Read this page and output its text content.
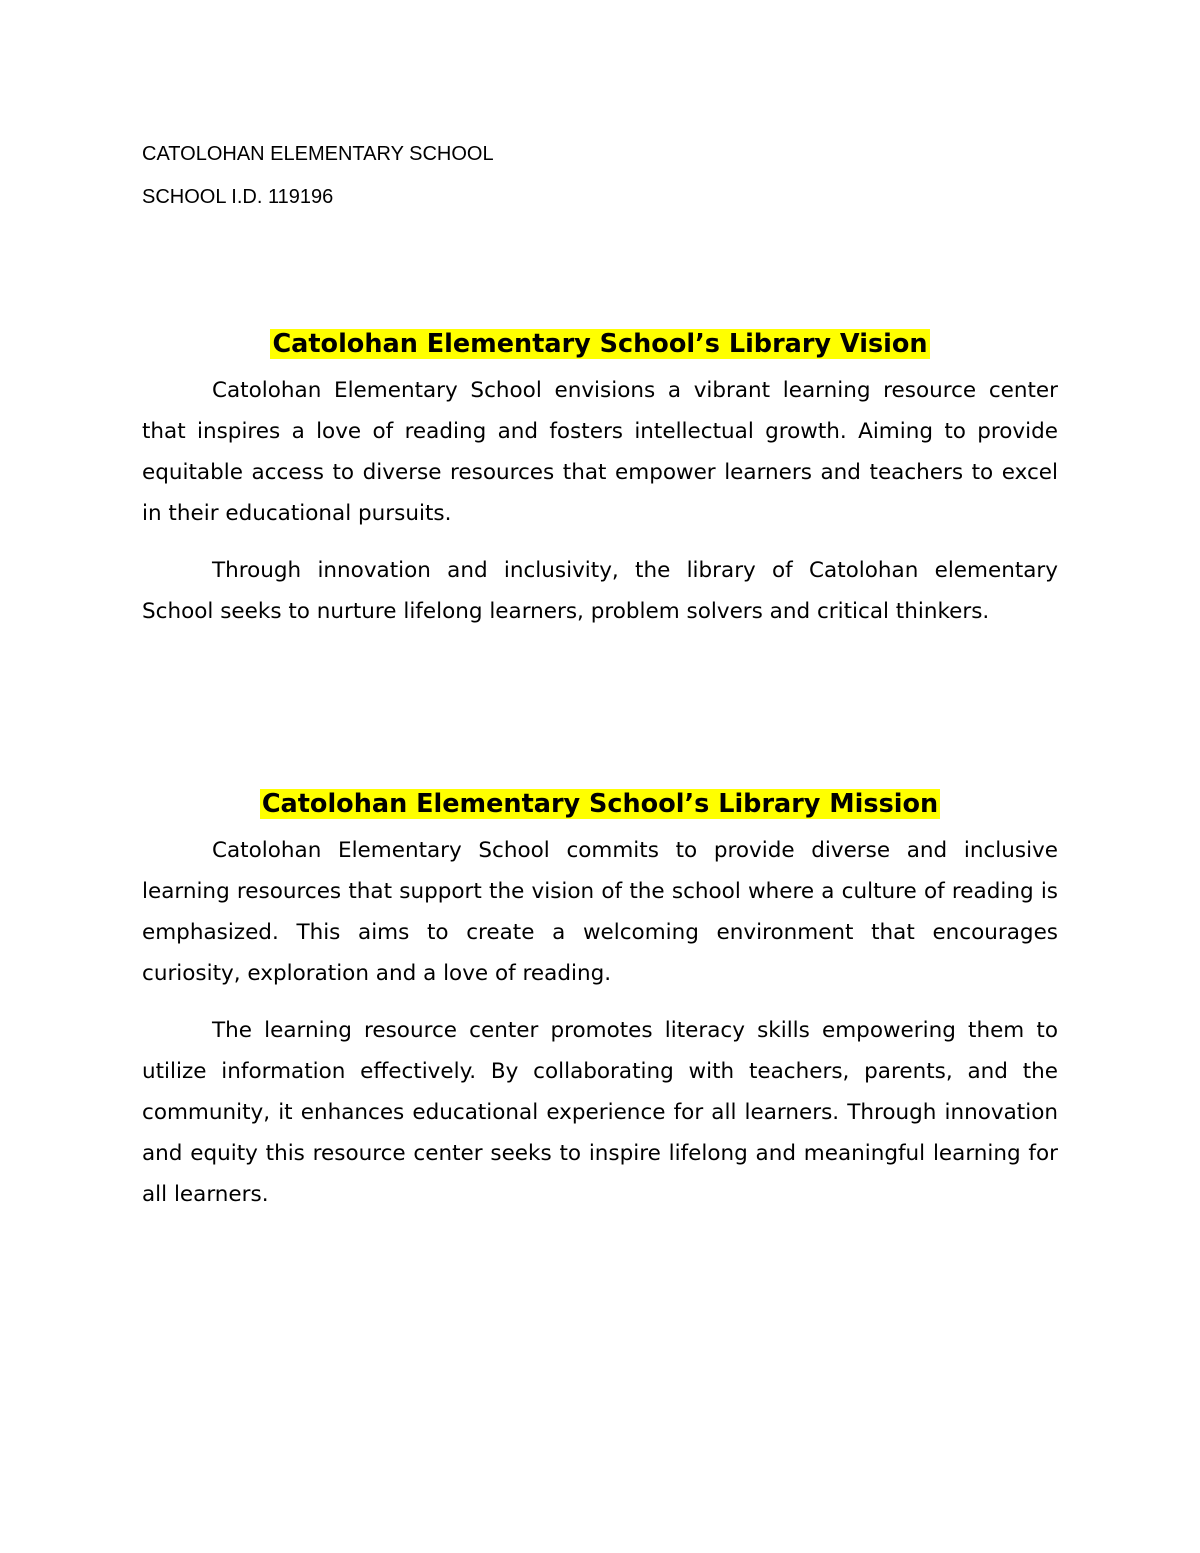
CATOLOHAN ELEMENTARY SCHOOL
SCHOOL I.D. 119196
Catolohan Elementary School’s Library Vision

Catolohan Elementary School envisions a vibrant learning resource center that inspires a love of reading and fosters intellectual growth. Aiming to provide equitable access to diverse resources that empower learners and teachers to excel in their educational pursuits.

Through innovation and inclusivity, the library of Catolohan elementary School seeks to nurture lifelong learners, problem solvers and critical thinkers.

Catolohan Elementary School’s Library Mission

Catolohan Elementary School commits to provide diverse and inclusive learning resources that support the vision of the school where a culture of reading is emphasized. This aims to create a welcoming environment that encourages curiosity, exploration and a love of reading.

The learning resource center promotes literacy skills empowering them to utilize information effectively. By collaborating with teachers, parents, and the community, it enhances educational experience for all learners. Through innovation and equity this resource center seeks to inspire lifelong and meaningful learning for all learners.
